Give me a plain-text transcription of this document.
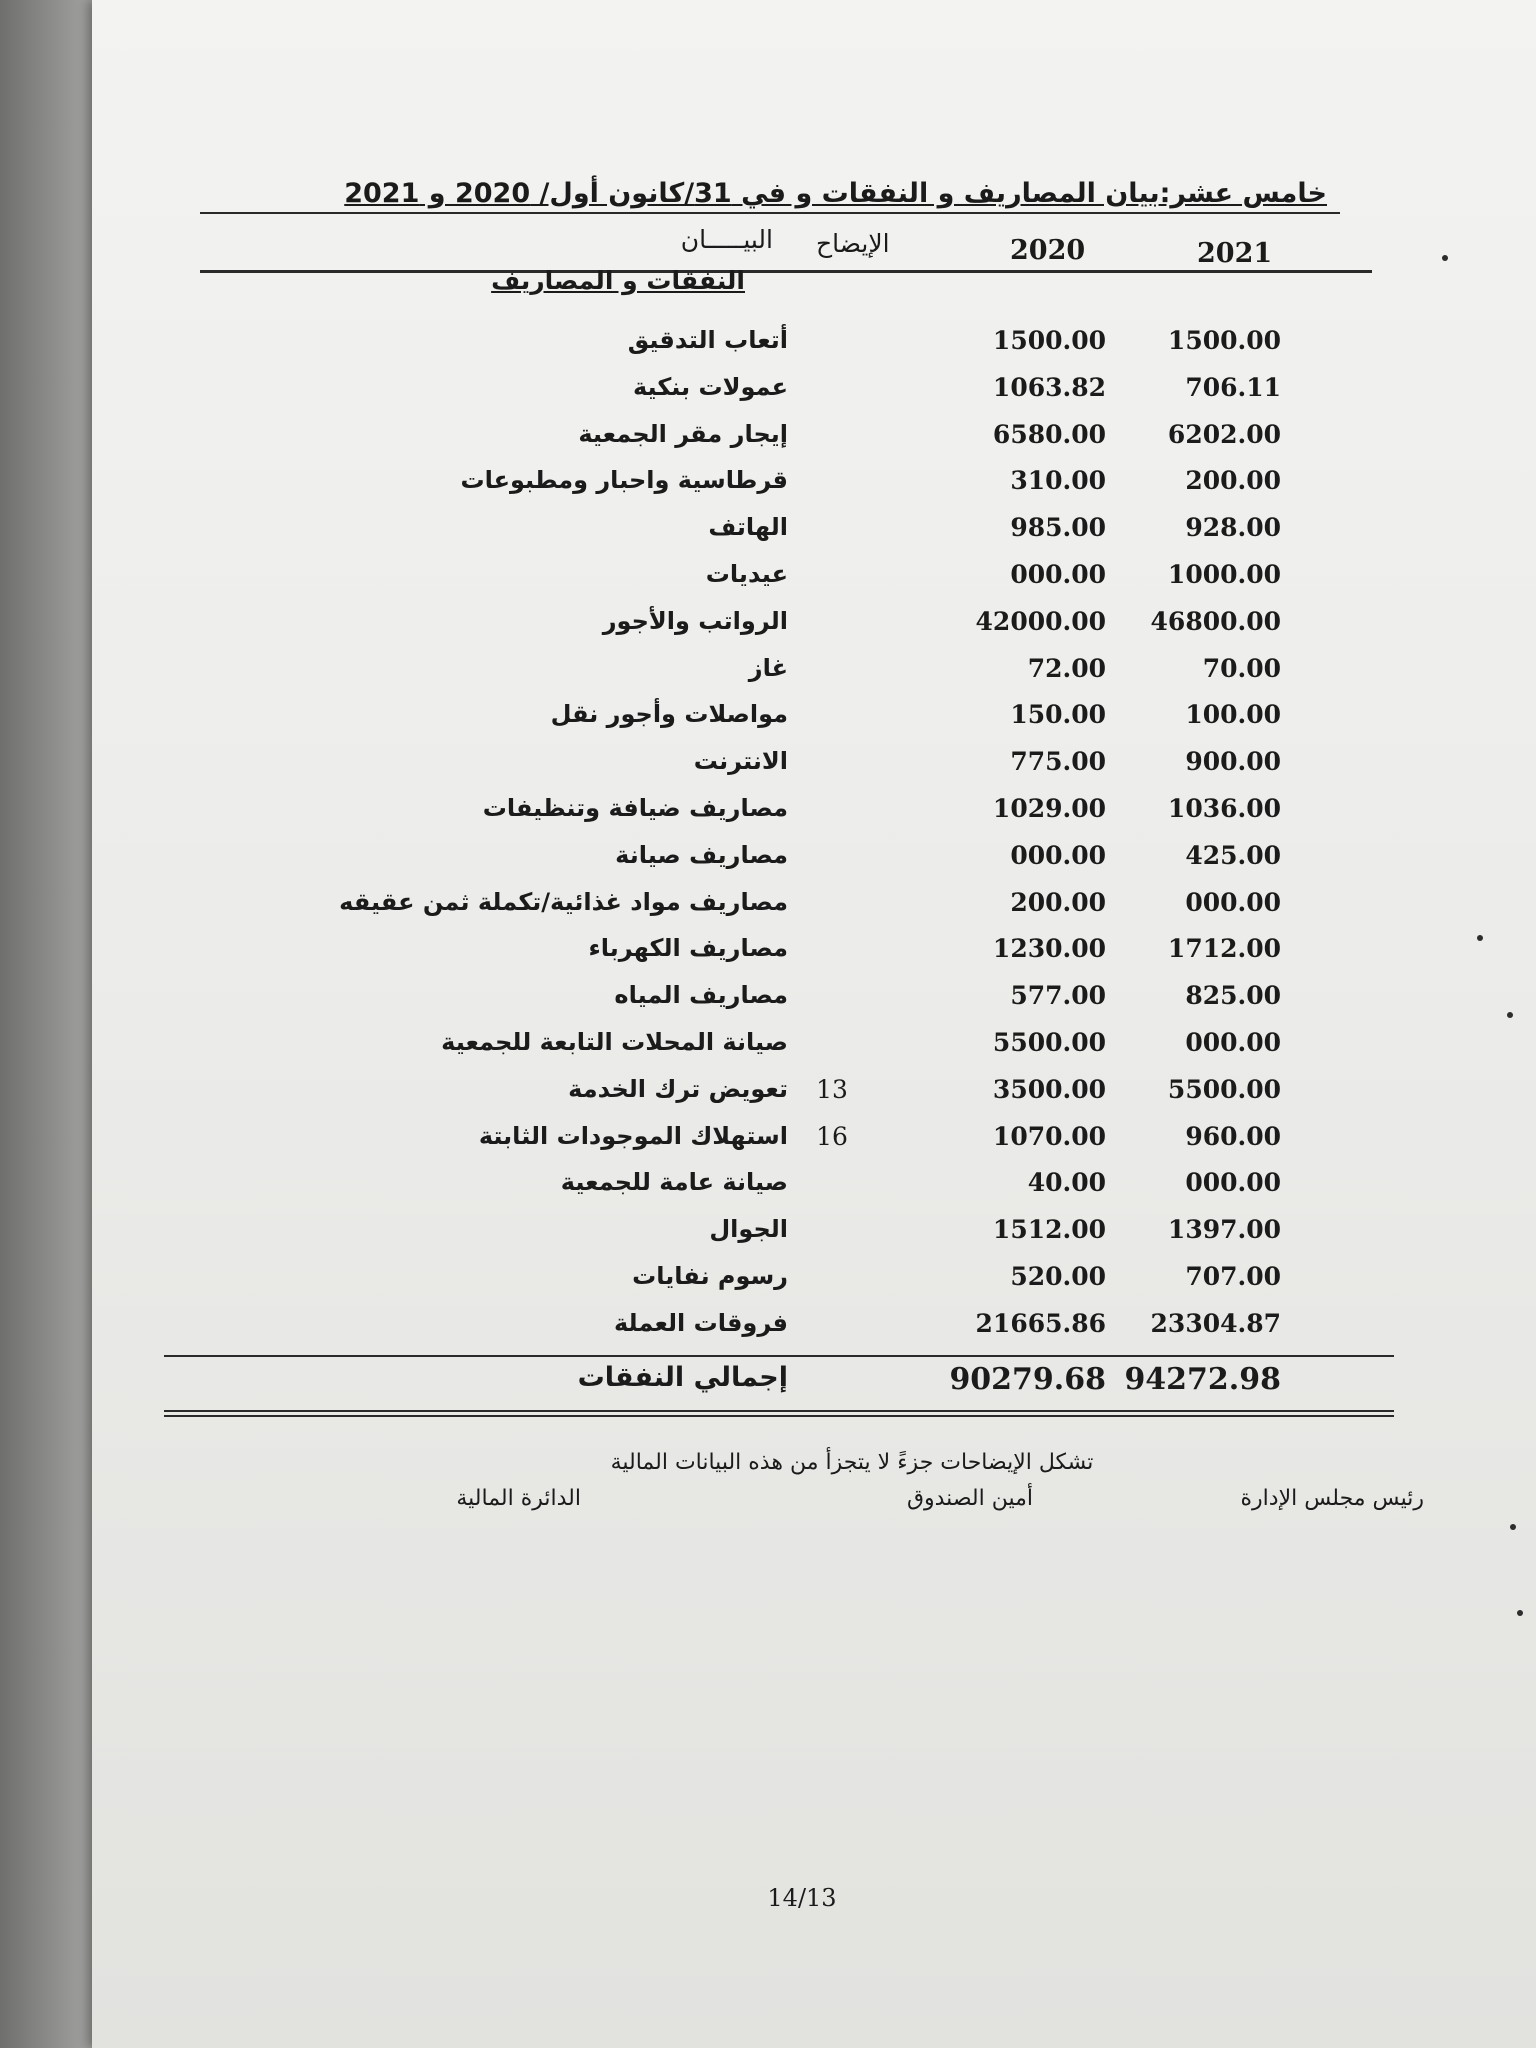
خامس عشر:بيان المصاريف و النفقات و في 31/كانون أول/ 2020 و 2021
البيـــــان الإيضاح	2020	2021
النفقات و المصاريف
أتعاب التدقيق	1500.00 1500.00
عمولات بنكية	1063.82	706.11
إيجار مقر الجمعية	6580.00 6202.00
قرطاسية واحبار ومطبوعات	310.00	200.00
الهاتف	985.00	928.00
عيديات	000.00 1000.00
الرواتب والأجور	42000.00 46800.00
غاز	72.00	70.00
مواصلات وأجور نقل	150.00	100.00
الانترنت	775.00	900.00
مصاريف ضيافة وتنظيفات	1029.00 1036.00
مصاريف صيانة	000.00	425.00
مصاريف مواد غذائية/تكملة ثمن عقيقه	200.00	000.00
مصاريف الكهرباء	1230.00 1712.00
مصاريف المياه	577.00	825.00
صيانة المحلات التابعة للجمعية	5500.00	000.00
تعويض ترك الخدمة 13	3500.00 5500.00
استهلاك الموجودات الثابتة 16	1070.00	960.00
صيانة عامة للجمعية	40.00	000.00
الجوال	1512.00 1397.00
رسوم نفايات	520.00	707.00
فروقات العملة	21665.86 23304.87
إجمالي النفقات	90279.68 94272.98
تشكل الإيضاحات جزءً لا يتجزأ من هذه البيانات المالية
رئيس مجلس الإدارة
أمين الصندوق
الدائرة المالية
14/13
